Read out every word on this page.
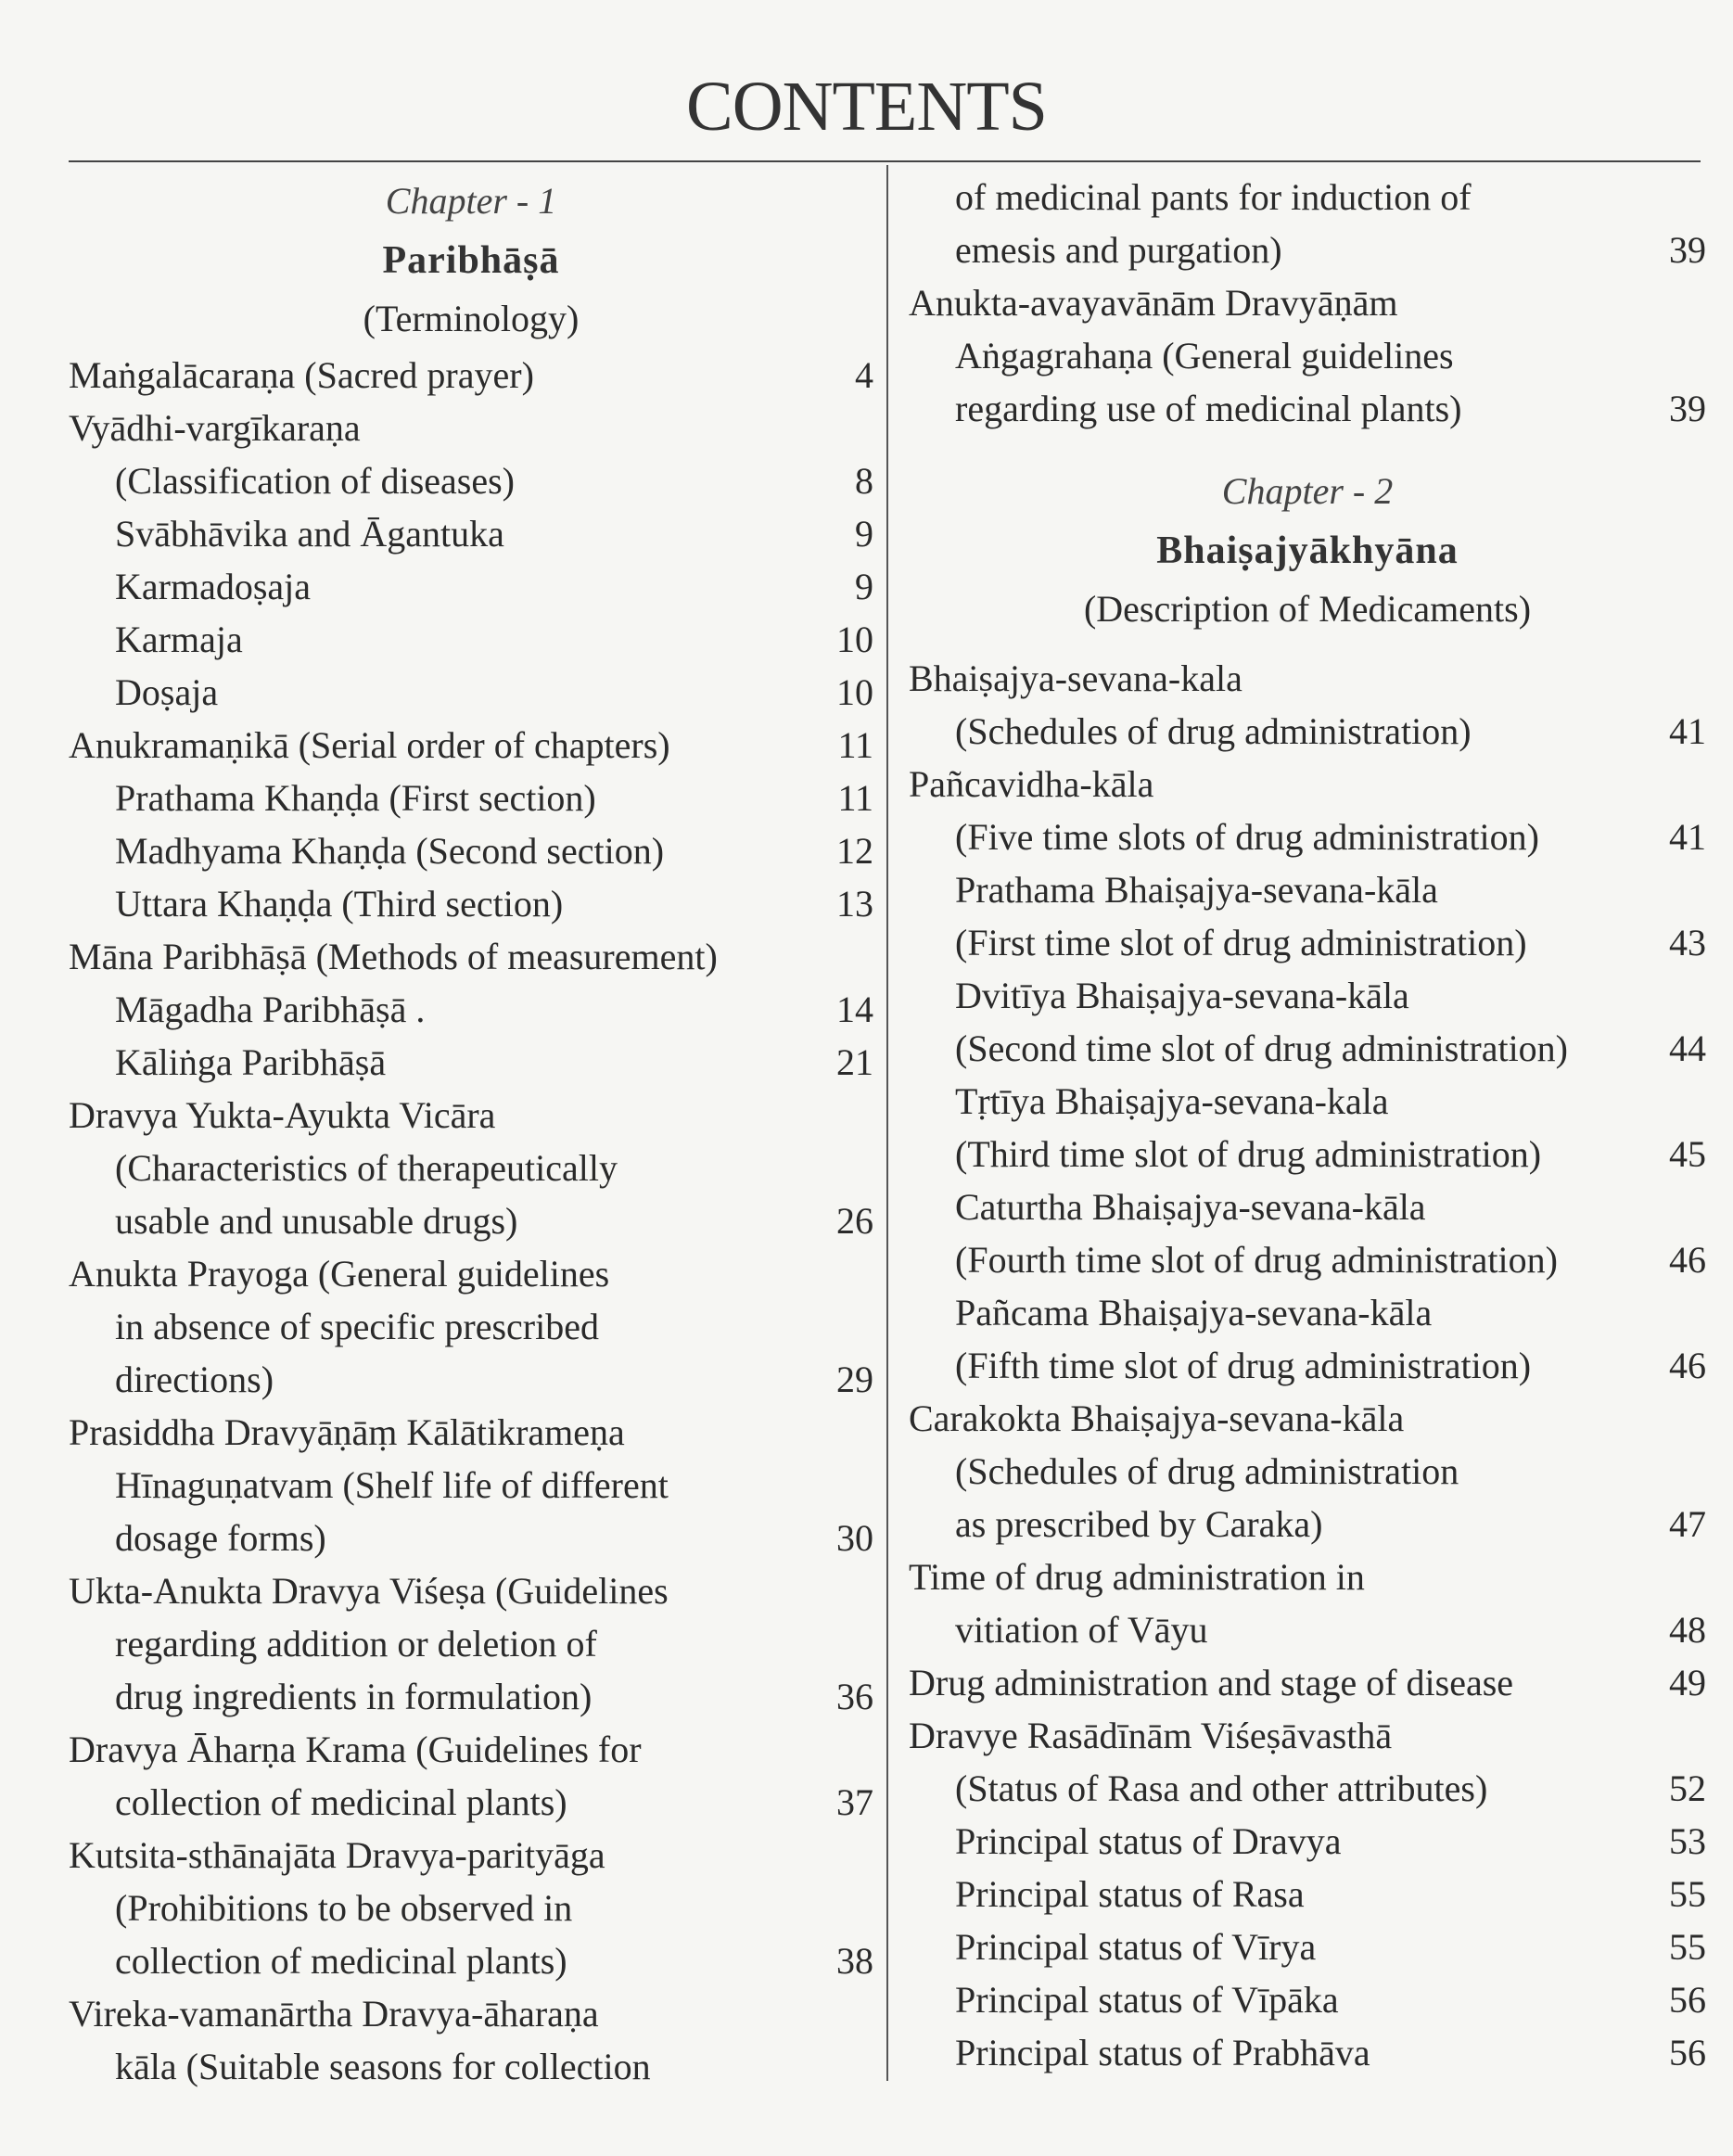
CONTENTS
Chapter - 1
Paribhāṣā
(Terminology)
Maṅgalācaraṇa (Sacred prayer)	4
Vyādhi-vargīkaraṇa
(Classification of diseases)	8
Svābhāvika and Āgantuka	9
Karmadoṣaja	9
Karmaja	10
Doṣaja	10
Anukramaṇikā (Serial order of chapters)	11
Prathama Khaṇḍa (First section)	11
Madhyama Khaṇḍa (Second section)	12
Uttara Khaṇḍa (Third section)	13
Māna Paribhāṣā (Methods of measurement)
Māgadha Paribhāṣā .	14
Kāliṅga Paribhāṣā	21
Dravya Yukta-Ayukta Vicāra
(Characteristics of therapeutically
usable and unusable drugs)	26
Anukta Prayoga (General guidelines
in absence of specific prescribed
directions)	29
Prasiddha Dravyāṇāṃ Kālātikrameṇa
Hīnaguṇatvam (Shelf life of different
dosage forms)	30
Ukta-Anukta Dravya Viśeṣa (Guidelines
regarding addition or deletion of
drug ingredients in formulation)	36
Dravya Āharṇa Krama (Guidelines for
collection of medicinal plants)	37
Kutsita-sthānajāta Dravya-parityāga
(Prohibitions to be observed in
collection of medicinal plants)	38
Vireka-vamanārtha Dravya-āharaṇa
kāla (Suitable seasons for collection
of medicinal pants for induction of
emesis and purgation)	39
Anukta-avayavānām Dravyāṇām
Aṅgagrahaṇa (General guidelines
regarding use of medicinal plants)	39
Chapter - 2
Bhaiṣajyākhyāna
(Description of Medicaments)
Bhaiṣajya-sevana-kala
(Schedules of drug administration)	41
Pañcavidha-kāla
(Five time slots of drug administration)	41
Prathama Bhaiṣajya-sevana-kāla
(First time slot of drug administration)	43
Dvitīya Bhaiṣajya-sevana-kāla
(Second time slot of drug administration)	44
Tṛtīya Bhaiṣajya-sevana-kala
(Third time slot of drug administration)	45
Caturtha Bhaiṣajya-sevana-kāla
(Fourth time slot of drug administration)	46
Pañcama Bhaiṣajya-sevana-kāla
(Fifth time slot of drug administration)	46
Carakokta Bhaiṣajya-sevana-kāla
(Schedules of drug administration
as prescribed by Caraka)	47
Time of drug administration in
vitiation of Vāyu	48
Drug administration and stage of disease	49
Dravye Rasādīnām Viśeṣāvasthā
(Status of Rasa and other attributes)	52
Principal status of Dravya	53
Principal status of Rasa	55
Principal status of Vīrya	55
Principal status of Vīpāka	56
Principal status of Prabhāva	56
